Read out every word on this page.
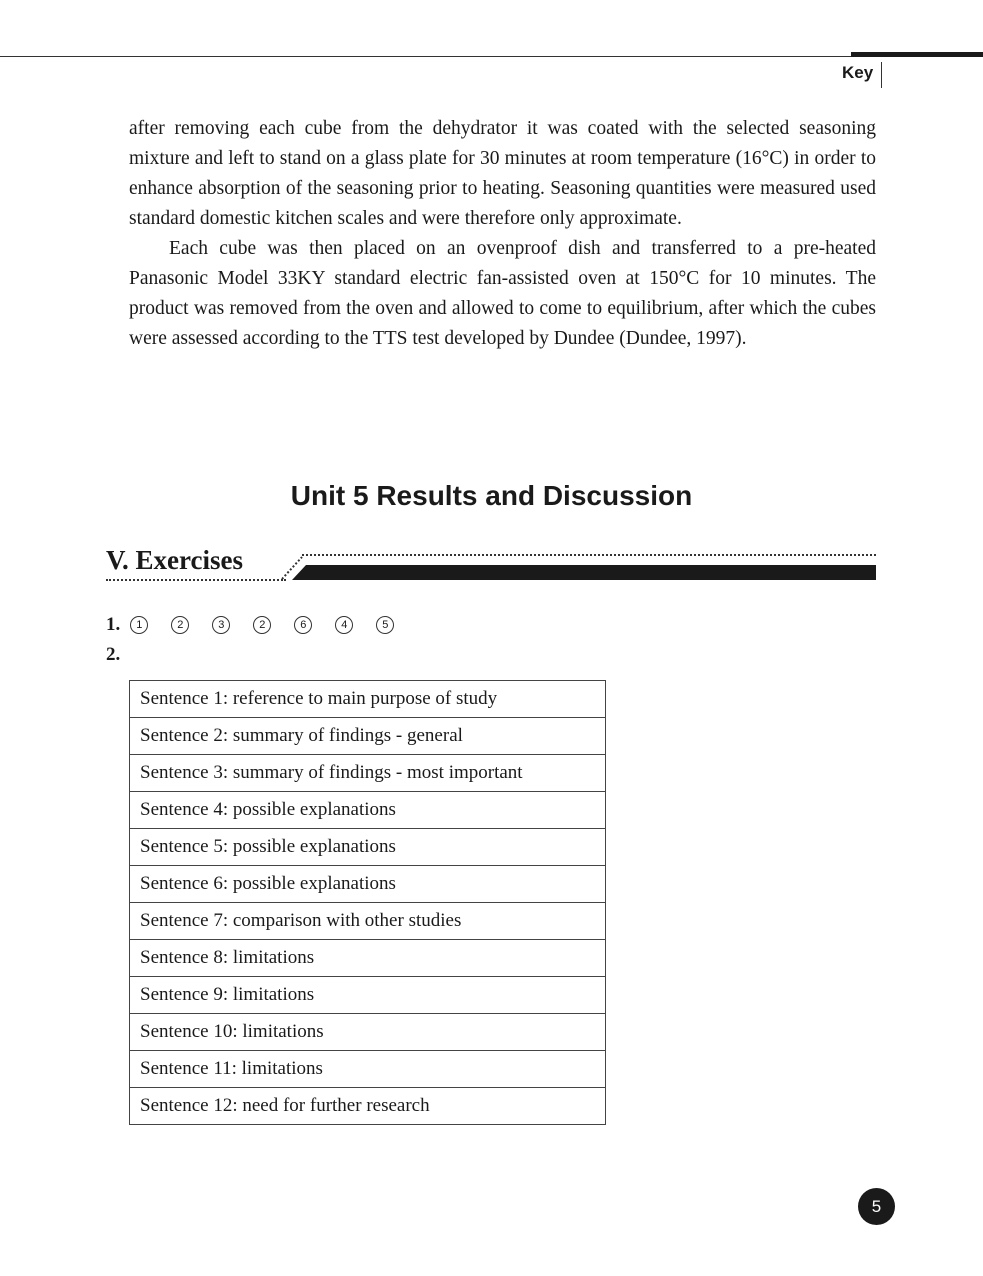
Key

after removing each cube from the dehydrator it was coated with the selected seasoning mixture and left to stand on a glass plate for 30 minutes at room temperature (16°C) in order to enhance absorption of the seasoning prior to heating. Seasoning quantities were measured used standard domestic kitchen scales and were therefore only approximate.

Each cube was then placed on an ovenproof dish and transferred to a pre-heated Panasonic Model 33KY standard electric fan-assisted oven at 150°C for 10 minutes. The product was removed from the oven and allowed to come to equilibrium, after which the cubes were assessed according to the TTS test developed by Dundee (Dundee, 1997).

Unit 5 Results and Discussion
V. Exercises
1.	1	2	3	2	6	4	5
2.
Sentence 1: reference to main purpose of study
Sentence 2: summary of findings - general
Sentence 3: summary of findings - most important
Sentence 4: possible explanations
Sentence 5: possible explanations
Sentence 6: possible explanations
Sentence 7: comparison with other studies
Sentence 8: limitations
Sentence 9: limitations
Sentence 10: limitations
Sentence 11: limitations
Sentence 12: need for further research
5
